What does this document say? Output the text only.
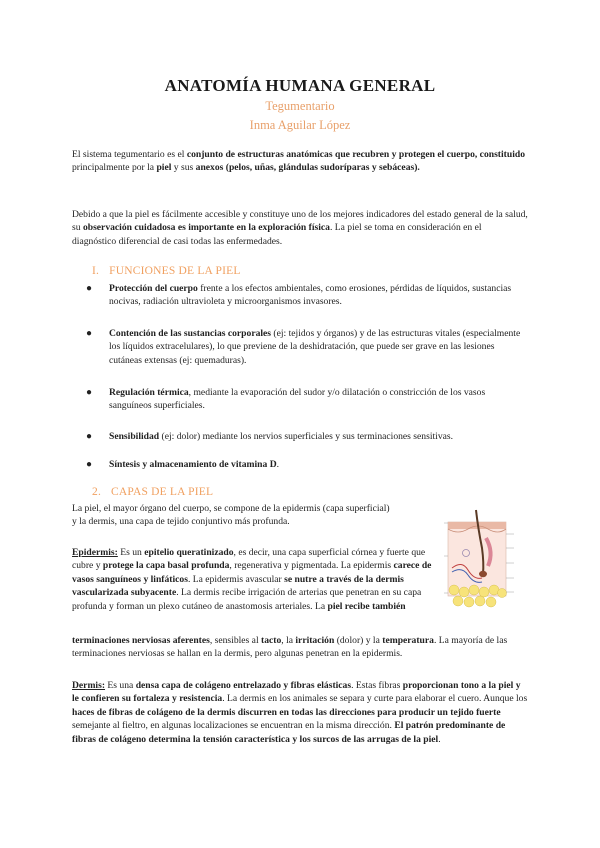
ANATOMÍA HUMANA GENERAL
Tegumentario
Inma Aguilar López
El sistema tegumentario es el conjunto de estructuras anatómicas que recubren y protegen el cuerpo, constituido principalmente por la piel y sus anexos (pelos, uñas, glándulas sudoríparas y sebáceas).
Debido a que la piel es fácilmente accesible y constituye uno de los mejores indicadores del estado general de la salud, su observación cuidadosa es importante en la exploración física. La piel se toma en consideración en el diagnóstico diferencial de casi todas las enfermedades.
I. FUNCIONES DE LA PIEL
● Protección del cuerpo frente a los efectos ambientales, como erosiones, pérdidas de líquidos, sustancias nocivas, radiación ultravioleta y microorganismos invasores.
● Contención de las sustancias corporales (ej: tejidos y órganos) y de las estructuras vitales (especialmente los líquidos extracelulares), lo que previene de la deshidratación, que puede ser grave en las lesiones cutáneas extensas (ej: quemaduras).
● Regulación térmica, mediante la evaporación del sudor y/o dilatación o constricción de los vasos sanguíneos superficiales.
● Sensibilidad (ej: dolor) mediante los nervios superficiales y sus terminaciones sensitivas.
● Síntesis y almacenamiento de vitamina D.
2. CAPAS DE LA PIEL
La piel, el mayor órgano del cuerpo, se compone de la epidermis (capa superficial) y la dermis, una capa de tejido conjuntivo más profunda.
Epidermis: Es un epitelio queratinizado, es decir, una capa superficial córnea y fuerte que cubre y protege la capa basal profunda, regenerativa y pigmentada. La epidermis carece de vasos sanguíneos y linfáticos. La epidermis avascular se nutre a través de la dermis vascularizada subyacente. La dermis recibe irrigación de arterias que penetran en su capa profunda y forman un plexo cutáneo de anastomosis arteriales. La piel recibe también
terminaciones nerviosas aferentes, sensibles al tacto, la irritación (dolor) y la temperatura. La mayoría de las terminaciones nerviosas se hallan en la dermis, pero algunas penetran en la epidermis.
Dermis: Es una densa capa de colágeno entrelazado y fibras elásticas. Estas fibras proporcionan tono a la piel y le confieren su fortaleza y resistencia. La dermis en los animales se separa y curte para elaborar el cuero. Aunque los haces de fibras de colágeno de la dermis discurren en todas las direcciones para producir un tejido fuerte semejante al fieltro, en algunas localizaciones se encuentran en la misma dirección. El patrón predominante de fibras de colágeno determina la tensión característica y los surcos de las arrugas de la piel.
